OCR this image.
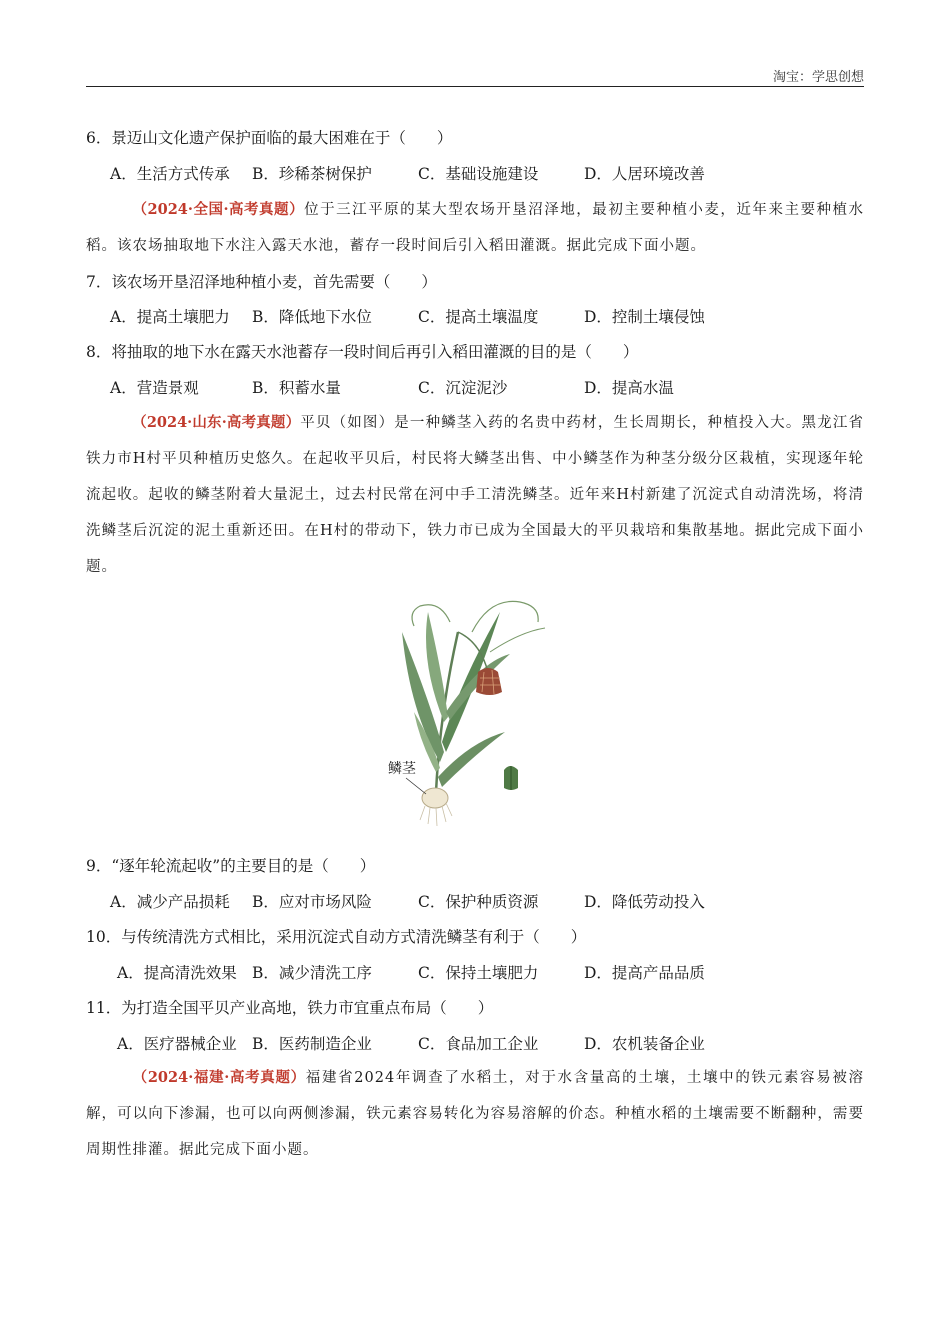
淘宝：学思创想
6．景迈山文化遗产保护面临的最大困难在于（　　）
A．生活方式传承 B．珍稀茶树保护	C．基础设施建设	D．人居环境改善
（2024·全国·高考真题）位于三江平原的某大型农场开垦沼泽地，最初主要种植小麦，近年来主要种植水稻。该农场抽取地下水注入露天水池，蓄存一段时间后引入稻田灌溉。据此完成下面小题。
7．该农场开垦沼泽地种植小麦，首先需要（　　）
A．提高土壤肥力 B．降低地下水位	C．提高土壤温度	D．控制土壤侵蚀
8．将抽取的地下水在露天水池蓄存一段时间后再引入稻田灌溉的目的是（　　）
A．营造景观	B．积蓄水量	C．沉淀泥沙	D．提高水温
（2024·山东·高考真题）平贝（如图）是一种鳞茎入药的名贵中药材，生长周期长，种植投入大。黑龙江省铁力市H村平贝种植历史悠久。在起收平贝后，村民将大鳞茎出售、中小鳞茎作为种茎分级分区栽植，实现逐年轮流起收。起收的鳞茎附着大量泥土，过去村民常在河中手工清洗鳞茎。近年来H村新建了沉淀式自动清洗场，将清洗鳞茎后沉淀的泥土重新还田。在H村的带动下，铁力市已成为全国最大的平贝栽培和集散基地。据此完成下面小题。
鳞茎
9．“逐年轮流起收”的主要目的是（　　）
A．减少产品损耗 B．应对市场风险	C．保护种质资源	D．降低劳动投入
10．与传统清洗方式相比，采用沉淀式自动方式清洗鳞茎有利于（　　）
A．提高清洗效果 B．减少清洗工序	C．保持土壤肥力	D．提高产品品质
11．为打造全国平贝产业高地，铁力市宜重点布局（　　）
A．医疗器械企业 B．医药制造企业	C．食品加工企业	D．农机装备企业
（2024·福建·高考真题）福建省2024年调查了水稻土，对于水含量高的土壤，土壤中的铁元素容易被溶解，可以向下渗漏，也可以向两侧渗漏，铁元素容易转化为容易溶解的价态。种植水稻的土壤需要不断翻种，需要周期性排灌。据此完成下面小题。
